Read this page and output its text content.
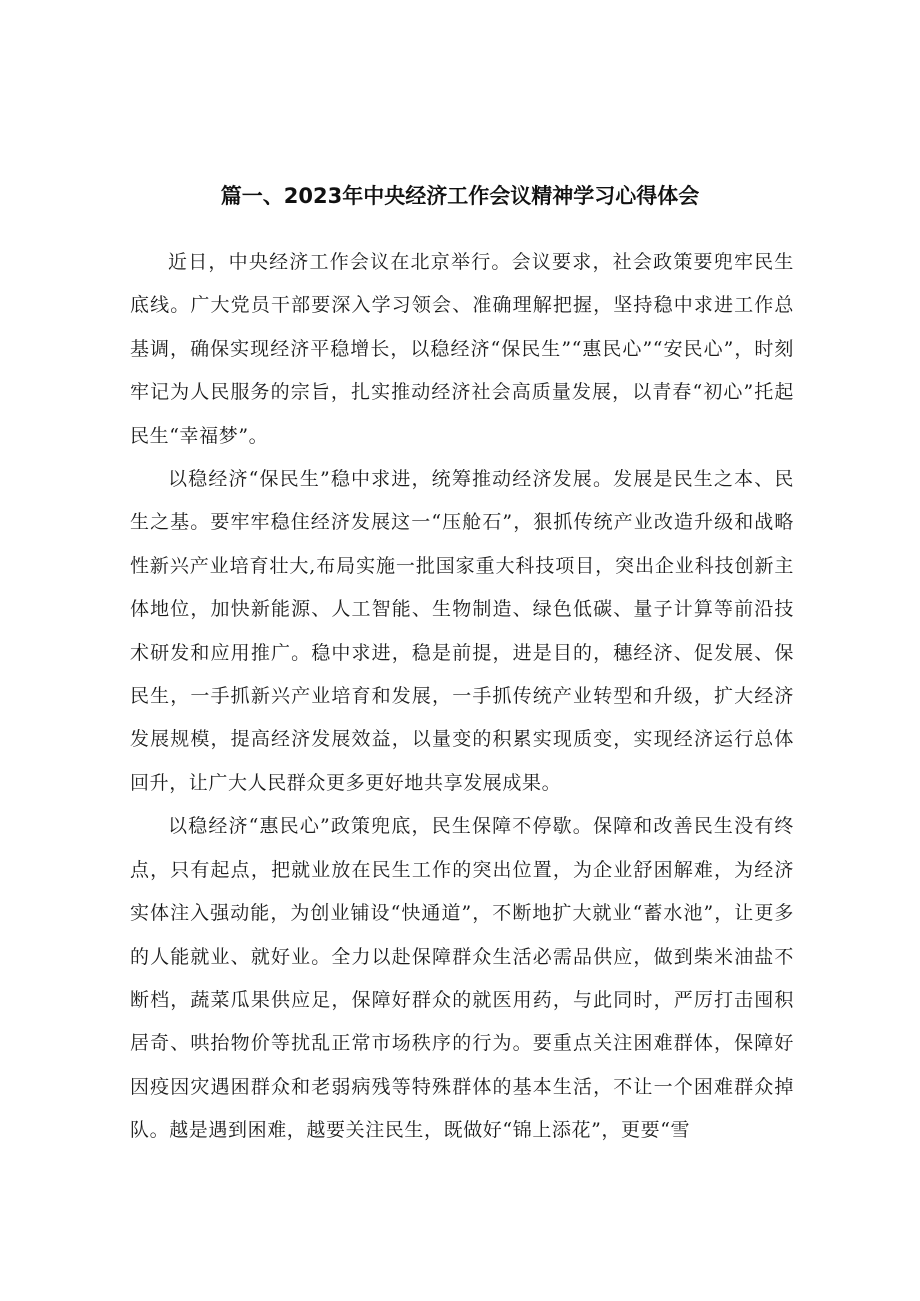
篇一、2023年中央经济工作会议精神学习心得体会

近日，中央经济工作会议在北京举行。会议要求，社会政策要兜牢民生底线。广大党员干部要深入学习领会、准确理解把握，坚持稳中求进工作总基调，确保实现经济平稳增长，以稳经济“保民生”“惠民心”“安民心”，时刻牢记为人民服务的宗旨，扎实推动经济社会高质量发展，以青春“初心”托起民生“幸福梦”。

以稳经济“保民生”稳中求进，统筹推动经济发展。发展是民生之本、民生之基。要牢牢稳住经济发展这一“压舱石”，狠抓传统产业改造升级和战略性新兴产业培育壮大,布局实施一批国家重大科技项目，突出企业科技创新主体地位，加快新能源、人工智能、生物制造、绿色低碳、量子计算等前沿技术研发和应用推广。稳中求进，稳是前提，进是目的，穗经济、促发展、保民生，一手抓新兴产业培育和发展，一手抓传统产业转型和升级，扩大经济发展规模，提高经济发展效益，以量变的积累实现质变，实现经济运行总体回升，让广大人民群众更多更好地共享发展成果。

以稳经济“惠民心”政策兜底，民生保障不停歇。保障和改善民生没有终点，只有起点，把就业放在民生工作的突出位置，为企业舒困解难，为经济实体注入强动能，为创业铺设“快通道”，不断地扩大就业“蓄水池”，让更多的人能就业、就好业。全力以赴保障群众生活必需品供应，做到柴米油盐不断档，蔬菜瓜果供应足，保障好群众的就医用药，与此同时，严厉打击囤积居奇、哄抬物价等扰乱正常市场秩序的行为。要重点关注困难群体，保障好因疫因灾遇困群众和老弱病残等特殊群体的基本生活，不让一个困难群众掉队。越是遇到困难，越要关注民生，既做好“锦上添花”，更要“雪
